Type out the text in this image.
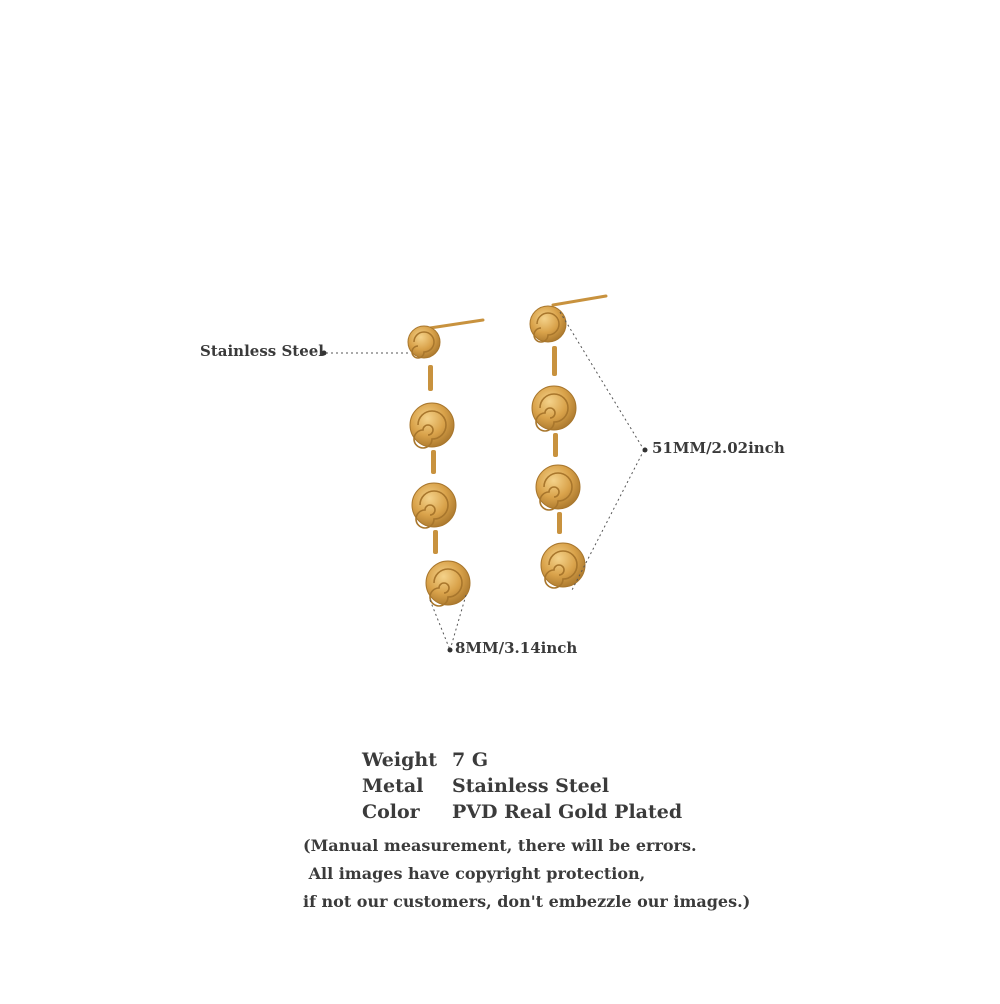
Stainless Steel
51MM/2.02inch
8MM/3.14inch
Weight 7 G
Metal Stainless Steel
Color PVD Real Gold Plated
(Manual measurement, there will be errors.
All images have copyright protection,
if not our customers, don't embezzle our images.)
